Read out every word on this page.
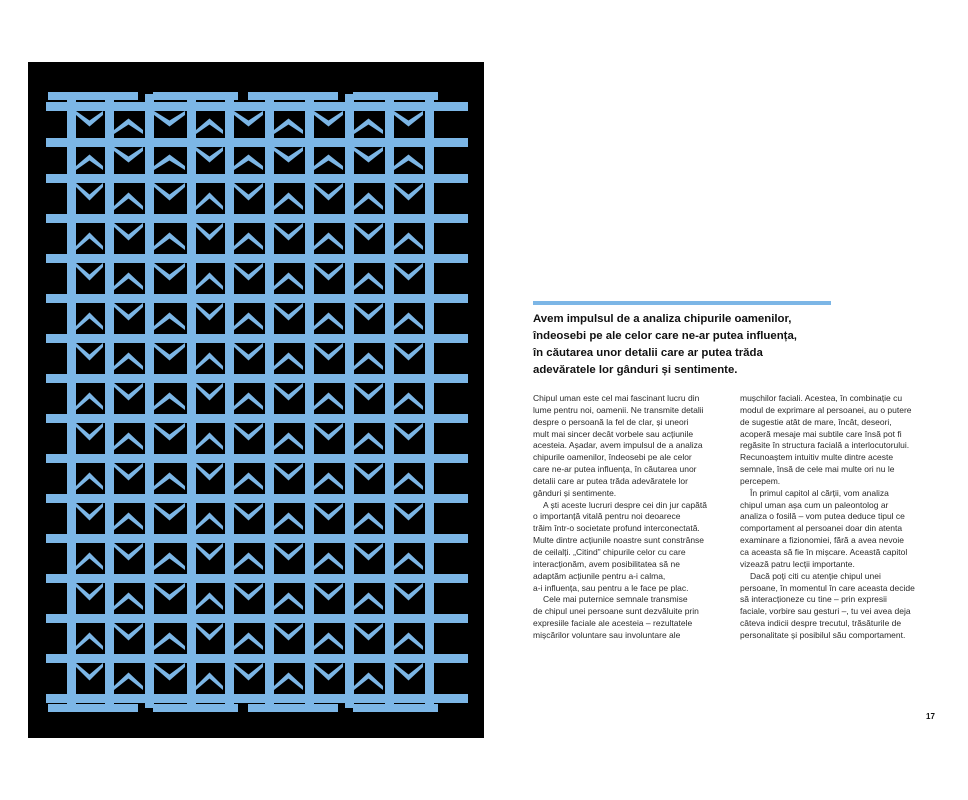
Avem impulsul de a analiza chipurile oamenilor,
îndeosebi pe ale celor care ne-ar putea influența,
în căutarea unor detalii care ar putea trăda
adevăratele lor gânduri și sentimente.

Chipul uman este cel mai fascinant lucru din
lume pentru noi, oamenii. Ne transmite detalii
despre o persoană la fel de clar, și uneori
mult mai sincer decât vorbele sau acțiunile
acesteia. Așadar, avem impulsul de a analiza
chipurile oamenilor, îndeosebi pe ale celor
care ne-ar putea influența, în căutarea unor
detalii care ar putea trăda adevăratele lor
gânduri și sentimente.
A ști aceste lucruri despre cei din jur capătă
o importanță vitală pentru noi deoarece
trăim într-o societate profund interconectată.
Multe dintre acțiunile noastre sunt constrânse
de ceilalți. „Citind” chipurile celor cu care
interacționăm, avem posibilitatea să ne
adaptăm acțiunile pentru a-i calma,
a-i influența, sau pentru a le face pe plac.
Cele mai puternice semnale transmise
de chipul unei persoane sunt dezvăluite prin
expresiile faciale ale acesteia – rezultatele
mișcărilor voluntare sau involuntare ale
mușchilor faciali. Acestea, în combinație cu
modul de exprimare al persoanei, au o putere
de sugestie atât de mare, încât, deseori,
acoperă mesaje mai subtile care însă pot fi
regăsite în structura facială a interlocutorului.
Recunoaștem intuitiv multe dintre aceste
semnale, însă de cele mai multe ori nu le
percepem.
În primul capitol al cărții, vom analiza
chipul uman așa cum un paleontolog ar
analiza o fosilă – vom putea deduce tipul ce
comportament al persoanei doar din atenta
examinare a fizionomiei, fără a avea nevoie
ca aceasta să fie în mișcare. Această capitol
vizează patru lecții importante.
Dacă poți citi cu atenție chipul unei
persoane, în momentul în care aceasta decide
să interacționeze cu tine – prin expresii
faciale, vorbire sau gesturi –, tu vei avea deja
câteva indicii despre trecutul, trăsăturile de
personalitate și posibilul său comportament.
17
